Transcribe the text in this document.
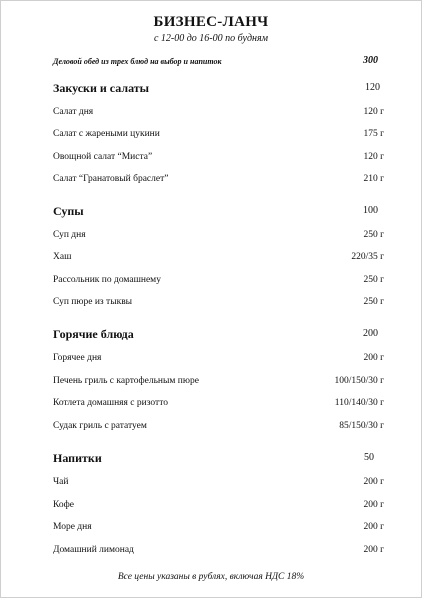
БИЗНЕС-ЛАНЧ
с 12-00 до 16-00 по будням
Деловой обед из трех блюд на выбор и напиток	300
Закуски и салаты	120
Салат дня	120 г
Салат с жареными цукини	175 г
Овощной салат “Миста”	120 г
Салат “Гранатовый браслет”	210 г
Супы	100
Суп дня	250 г
Хаш	220/35 г
Рассольник по домашнему	250 г
Суп пюре из тыквы	250 г
Горячие блюда	200
Горячее дня	200 г
Печень гриль с картофельным пюре	100/150/30 г
Котлета домашняя с ризотто	110/140/30 г
Судак гриль с рататуем	85/150/30 г
Напитки	50
Чай	200 г
Кофе	200 г
Море дня	200 г
Домашний лимонад	200 г
Все цены указаны в рублях, включая НДС 18%
